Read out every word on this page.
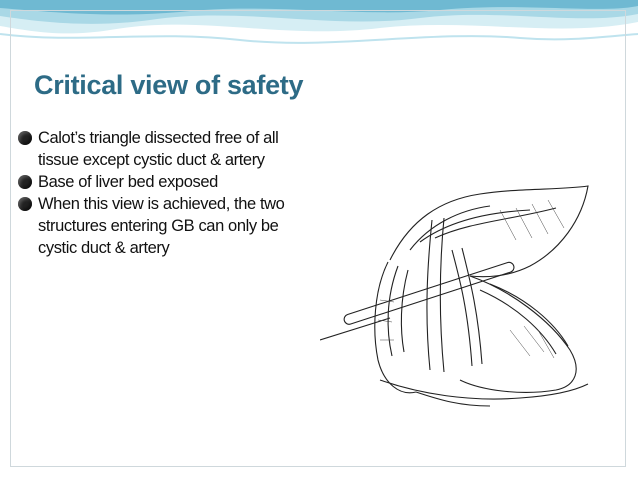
Critical view of safety
Calot’s triangle dissected free of all tissue except cystic duct & artery
Base of liver bed exposed
When this view is achieved, the two structures entering GB can only be cystic duct & artery
